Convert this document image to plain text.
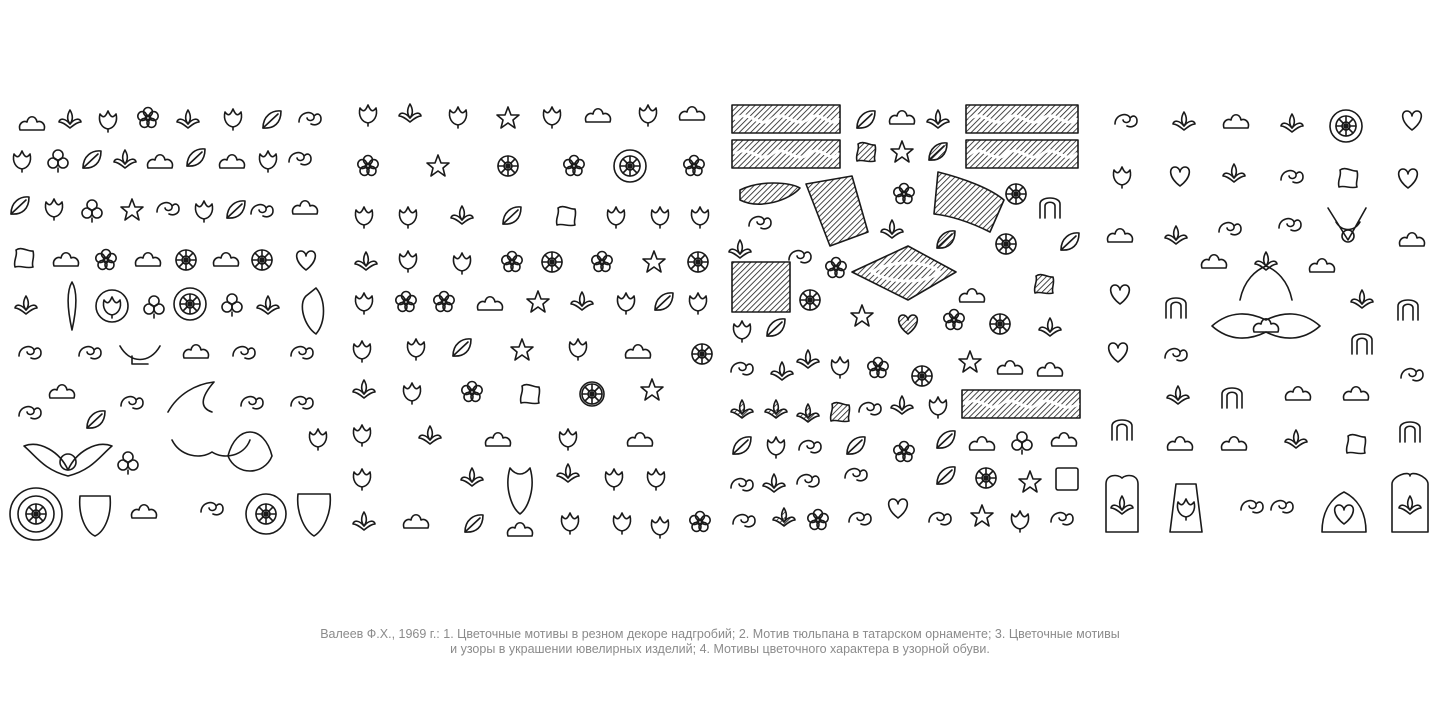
Валеев Ф.Х., 1969 г.: 1. Цветочные мотивы в резном декоре надгробий; 2. Мотив тюльпана в татарском орнаменте; 3. Цветочные мотивы
и узоры в украшении ювелирных изделий; 4. Мотивы цветочного характера в узорной обуви.
